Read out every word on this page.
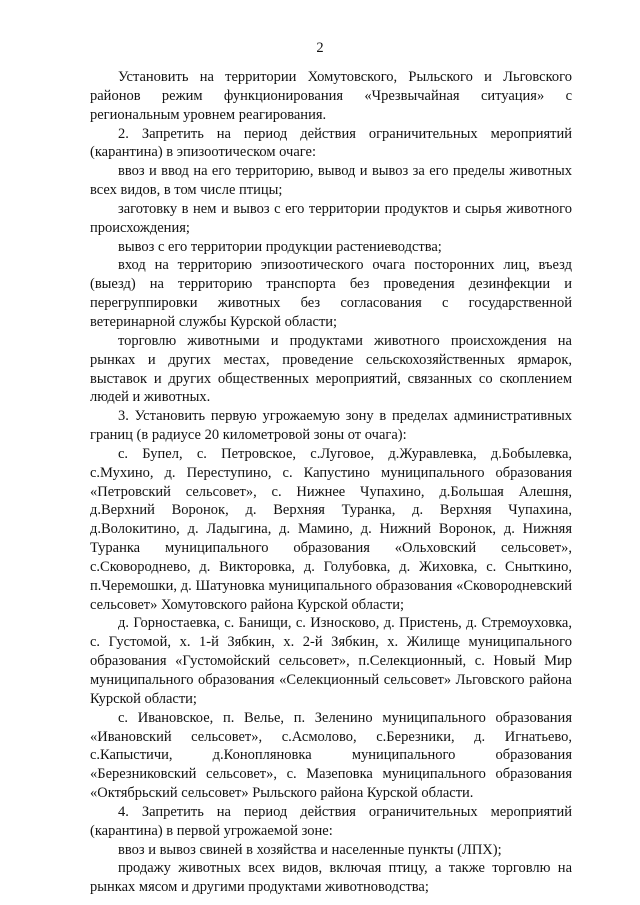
2

Установить на территории Хомутовского, Рыльского и Льговского районов режим функционирования «Чрезвычайная ситуация» с региональным уровнем реагирования.

2. Запретить на период действия ограничительных мероприятий (карантина) в эпизоотическом очаге:

ввоз и ввод на его территорию, вывод и вывоз за его пределы животных всех видов, в том числе птицы;

заготовку в нем и вывоз с его территории продуктов и сырья животного происхождения;

вывоз с его территории продукции растениеводства;

вход на территорию эпизоотического очага посторонних лиц, въезд (выезд) на территорию транспорта без проведения дезинфекции и перегруппировки животных без согласования с государственной ветеринарной службы Курской области;

торговлю животными и продуктами животного происхождения на рынках и других местах, проведение сельскохозяйственных ярмарок, выставок и других общественных мероприятий, связанных со скоплением людей и животных.

3. Установить первую угрожаемую зону в пределах административных границ (в радиусе 20 километровой зоны от очага):

с. Бупел, с. Петровское, с.Луговое, д.Журавлевка, д.Бобылевка, с.Мухино, д. Переступино, с. Капустино муниципального образования «Петровский сельсовет», с. Нижнее Чупахино, д.Большая Алешня, д.Верхний Воронок, д. Верхняя Туранка, д. Верхняя Чупахина, д.Волокитино, д. Ладыгина, д. Мамино, д. Нижний Воронок, д. Нижняя Туранка муниципального образования «Ольховский сельсовет», с.Сковороднево, д. Викторовка, д. Голубовка, д. Жиховка, с. Сныткино, п.Черемошки, д. Шатуновка муниципального образования «Сковородневский сельсовет» Хомутовского района Курской области;

д. Горностаевка, с. Банищи, с. Износково, д. Пристень, д. Стремоуховка, с. Густомой, х. 1-й Зябкин, х. 2-й Зябкин, х. Жилище муниципального образования «Густомойский сельсовет», п.Селекционный, с. Новый Мир муниципального образования «Селекционный сельсовет» Льговского района Курской области;

с. Ивановское, п. Велье, п. Зеленино муниципального образования «Ивановский сельсовет», с.Асмолово, с.Березники, д. Игнатьево, с.Капыстичи, д.Конопляновка муниципального образования «Березниковский сельсовет», с. Мазеповка муниципального образования «Октябрьский сельсовет» Рыльского района Курской области.

4. Запретить на период действия ограничительных мероприятий (карантина) в первой угрожаемой зоне:

ввоз и вывоз свиней в хозяйства и населенные пункты (ЛПХ);

продажу животных всех видов, включая птицу, а также торговлю на рынках мясом и другими продуктами животноводства;
